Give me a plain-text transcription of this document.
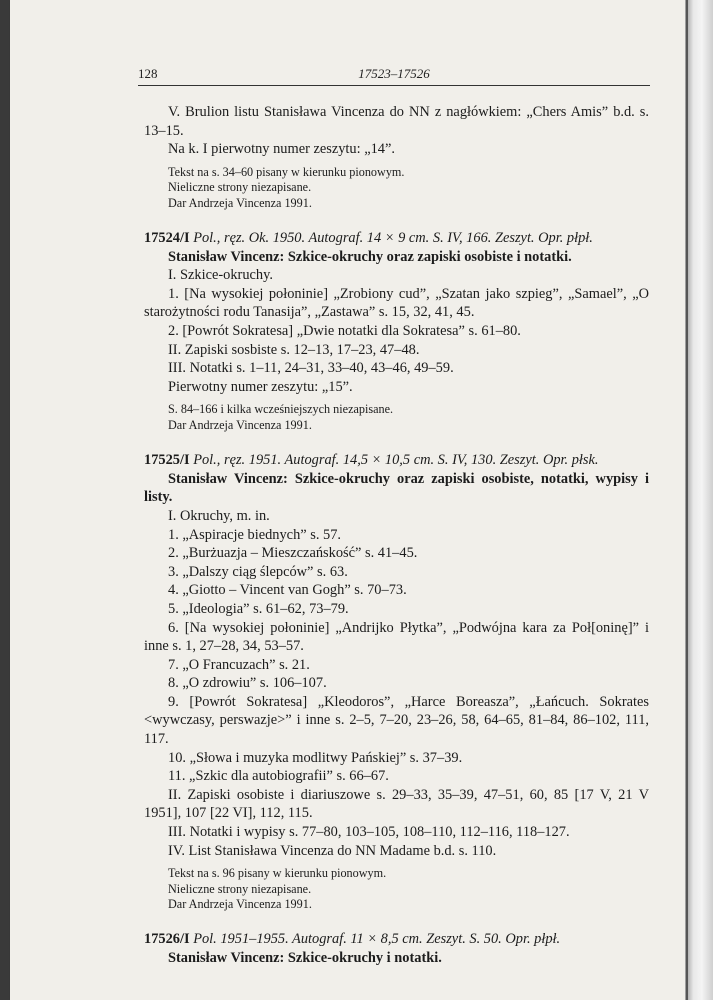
128	17523–17526

V. Brulion listu Stanisława Vincenza do NN z nagłówkiem: „Chers Amis” b.d. s. 13–15.

Na k. I pierwotny numer zeszytu: „14”.

Tekst na s. 34–60 pisany w kierunku pionowym.

Nieliczne strony niezapisane.

Dar Andrzeja Vincenza 1991.

17524/I Pol., ręz. Ok. 1950. Autograf. 14 × 9 cm. S. IV, 166. Zeszyt. Opr. płpł.

Stanisław Vincenz: Szkice-okruchy oraz zapiski osobiste i notatki.

I. Szkice-okruchy.

1. [Na wysokiej połoninie] „Zrobiony cud”, „Szatan jako szpieg”, „Samael”, „O starożytności rodu Tanasija”, „Zastawa” s. 15, 32, 41, 45.

2. [Powrót Sokratesa] „Dwie notatki dla Sokratesa” s. 61–80.

II. Zapiski sosbiste s. 12–13, 17–23, 47–48.

III. Notatki s. 1–11, 24–31, 33–40, 43–46, 49–59.

Pierwotny numer zeszytu: „15”.

S. 84–166 i kilka wcześniejszych niezapisane.

Dar Andrzeja Vincenza 1991.

17525/I Pol., ręz. 1951. Autograf. 14,5 × 10,5 cm. S. IV, 130. Zeszyt. Opr. płsk.

Stanisław Vincenz: Szkice-okruchy oraz zapiski osobiste, notatki, wypisy i listy.

I. Okruchy, m. in.

1. „Aspiracje biednych” s. 57.

2. „Burżuazja – Mieszczańskość” s. 41–45.

3. „Dalszy ciąg ślepców” s. 63.

4. „Giotto – Vincent van Gogh” s. 70–73.

5. „Ideologia” s. 61–62, 73–79.

6. [Na wysokiej połoninie] „Andrijko Płytka”, „Podwójna kara za Poł[oninę]” i inne s. 1, 27–28, 34, 53–57.

7. „O Francuzach” s. 21.

8. „O zdrowiu” s. 106–107.

9. [Powrót Sokratesa] „Kleodoros”, „Harce Boreasza”, „Łańcuch. Sokrates <wywczasy, perswazje>” i inne s. 2–5, 7–20, 23–26, 58, 64–65, 81–84, 86–102, 111, 117.

10. „Słowa i muzyka modlitwy Pańskiej” s. 37–39.

11. „Szkic dla autobiografii” s. 66–67.

II. Zapiski osobiste i diariuszowe s. 29–33, 35–39, 47–51, 60, 85 [17 V, 21 V 1951], 107 [22 VI], 112, 115.

III. Notatki i wypisy s. 77–80, 103–105, 108–110, 112–116, 118–127.

IV. List Stanisława Vincenza do NN Madame b.d. s. 110.

Tekst na s. 96 pisany w kierunku pionowym.

Nieliczne strony niezapisane.

Dar Andrzeja Vincenza 1991.

17526/I Pol. 1951–1955. Autograf. 11 × 8,5 cm. Zeszyt. S. 50. Opr. płpł.

Stanisław Vincenz: Szkice-okruchy i notatki.
